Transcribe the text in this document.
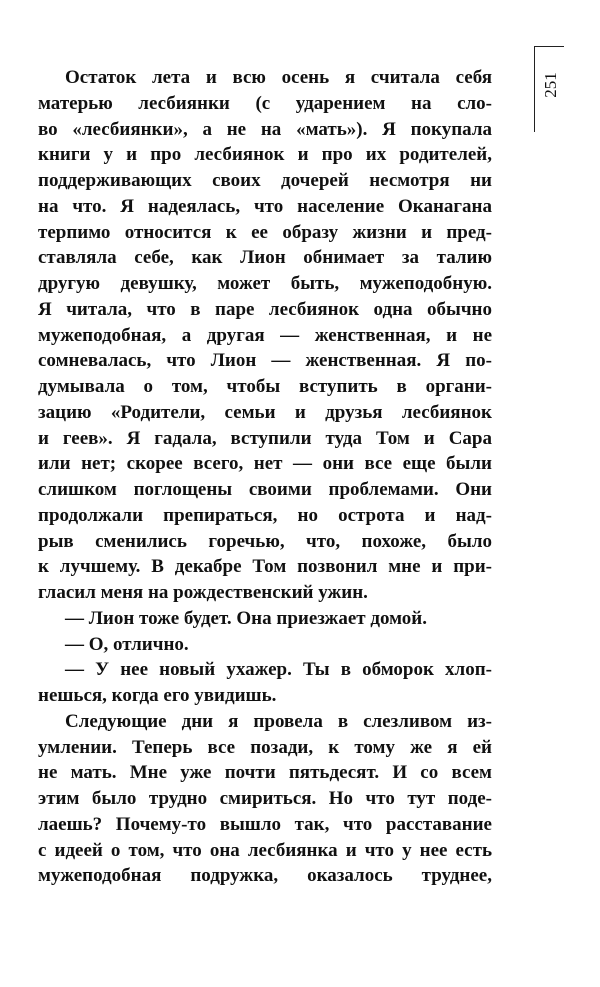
251
Остаток лета и всю осень я считала себя
матерью лесбиянки (с ударением на сло-
во «лесбиянки», а не на «мать»). Я покупала
книги у и про лесбиянок и про их родителей,
поддерживающих своих дочерей несмотря ни
на что. Я надеялась, что население Оканагана
терпимо относится к ее образу жизни и пред-
ставляла себе, как Лион обнимает за талию
другую девушку, может быть, мужеподобную.
Я читала, что в паре лесбиянок одна обычно
мужеподобная, а другая — женственная, и не
сомневалась, что Лион — женственная. Я по-
думывала о том, чтобы вступить в органи-
зацию «Родители, семьи и друзья лесбиянок
и геев». Я гадала, вступили туда Том и Сара
или нет; скорее всего, нет — они все еще были
слишком поглощены своими проблемами. Они
продолжали препираться, но острота и над-
рыв сменились горечью, что, похоже, было
к лучшему. В декабре Том позвонил мне и при-
гласил меня на рождественский ужин.
— Лион тоже будет. Она приезжает домой.
— О, отлично.
— У нее новый ухажер. Ты в обморок хлоп-
нешься, когда его увидишь.
Следующие дни я провела в слезливом из-
умлении. Теперь все позади, к тому же я ей
не мать. Мне уже почти пятьдесят. И со всем
этим было трудно смириться. Но что тут поде-
лаешь? Почему-то вышло так, что расставание
с идеей о том, что она лесбиянка и что у нее есть
мужеподобная подружка, оказалось труднее,
